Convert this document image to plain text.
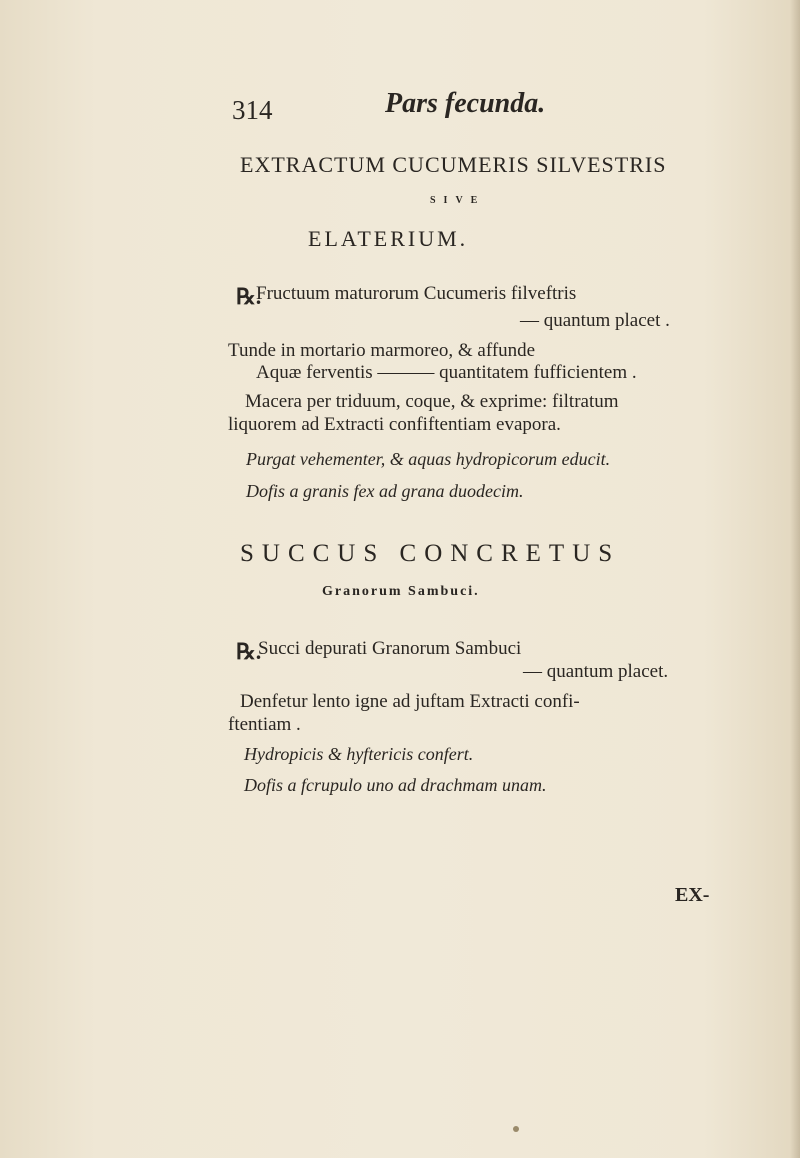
314	Pars fecunda.
EXTRACTUM CUCUMERIS SILVESTRIS
SIVE
ELATERIUM.
℞.
Fructuum maturorum Cucumeris filveftris
— quantum placet .
Tunde in mortario marmoreo, & affunde
Aquæ ferventis ——— quantitatem fufficientem .
Macera per triduum, coque, & exprime: filtratum
liquorem ad Extracti confiftentiam evapora.
Purgat vehementer, & aquas hydropicorum educit.
Dofis a granis fex ad grana duodecim.
SUCCUS CONCRETUS
Granorum Sambuci.
℞.
Succi depurati Granorum Sambuci
— quantum placet.
Denfetur lento igne ad juftam Extracti confi-
ftentiam .
Hydropicis & hyftericis confert.
Dofis a fcrupulo uno ad drachmam unam.
EX-
